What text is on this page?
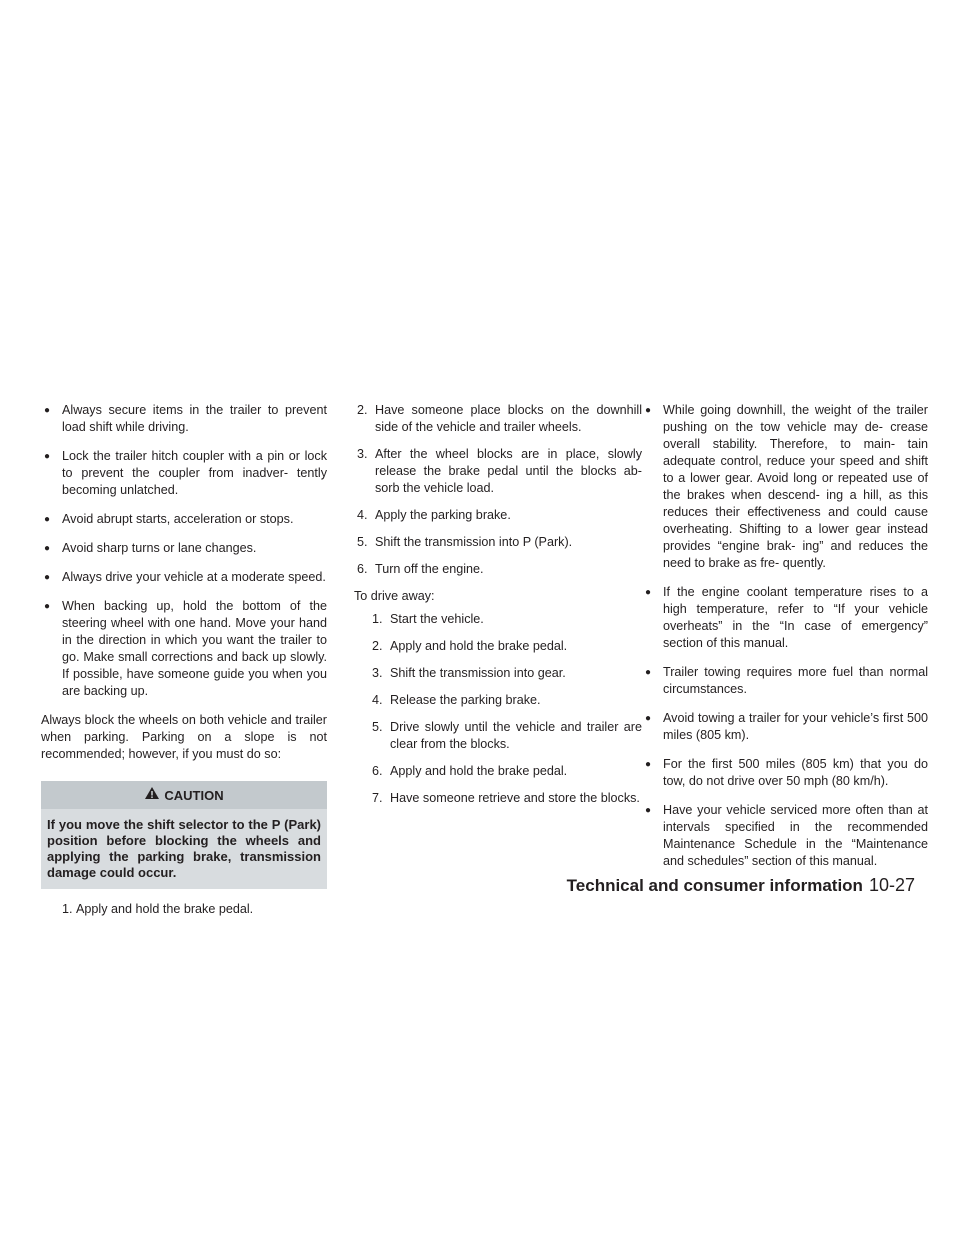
● Always secure items in the trailer to prevent load shift while driving.
● Lock the trailer hitch coupler with a pin or lock to prevent the coupler from inadver- tently becoming unlatched.
● Avoid abrupt starts, acceleration or stops.
● Avoid sharp turns or lane changes.
● Always drive your vehicle at a moderate speed.
● When backing up, hold the bottom of the steering wheel with one hand. Move your hand in the direction in which you want the trailer to go. Make small corrections and back up slowly. If possible, have someone guide you when you are backing up.
Always block the wheels on both vehicle and trailer when parking. Parking on a slope is not recommended; however, if you must do so:
CAUTION
If you move the shift selector to the P (Park) position before blocking the wheels and applying the parking brake, transmission damage could occur.
1. Apply and hold the brake pedal.
2. Have someone place blocks on the downhill side of the vehicle and trailer wheels.
3. After the wheel blocks are in place, slowly release the brake pedal until the blocks ab- sorb the vehicle load.
4. Apply the parking brake.
5. Shift the transmission into P (Park).
6. Turn off the engine.
To drive away:
1. Start the vehicle.
2. Apply and hold the brake pedal.
3. Shift the transmission into gear.
4. Release the parking brake.
5. Drive slowly until the vehicle and trailer are clear from the blocks.
6. Apply and hold the brake pedal.
7. Have someone retrieve and store the blocks.
● While going downhill, the weight of the trailer pushing on the tow vehicle may de- crease overall stability. Therefore, to main- tain adequate control, reduce your speed and shift to a lower gear. Avoid long or repeated use of the brakes when descend- ing a hill, as this reduces their effectiveness and could cause overheating. Shifting to a lower gear instead provides “engine brak- ing” and reduces the need to brake as fre- quently.
● If the engine coolant temperature rises to a high temperature, refer to “If your vehicle overheats” in the “In case of emergency” section of this manual.
● Trailer towing requires more fuel than normal circumstances.
● Avoid towing a trailer for your vehicle’s first 500 miles (805 km).
● For the first 500 miles (805 km) that you do tow, do not drive over 50 mph (80 km/h).
● Have your vehicle serviced more often than at intervals specified in the recommended Maintenance Schedule in the “Maintenance and schedules” section of this manual.
Technical and consumer information 10-27
